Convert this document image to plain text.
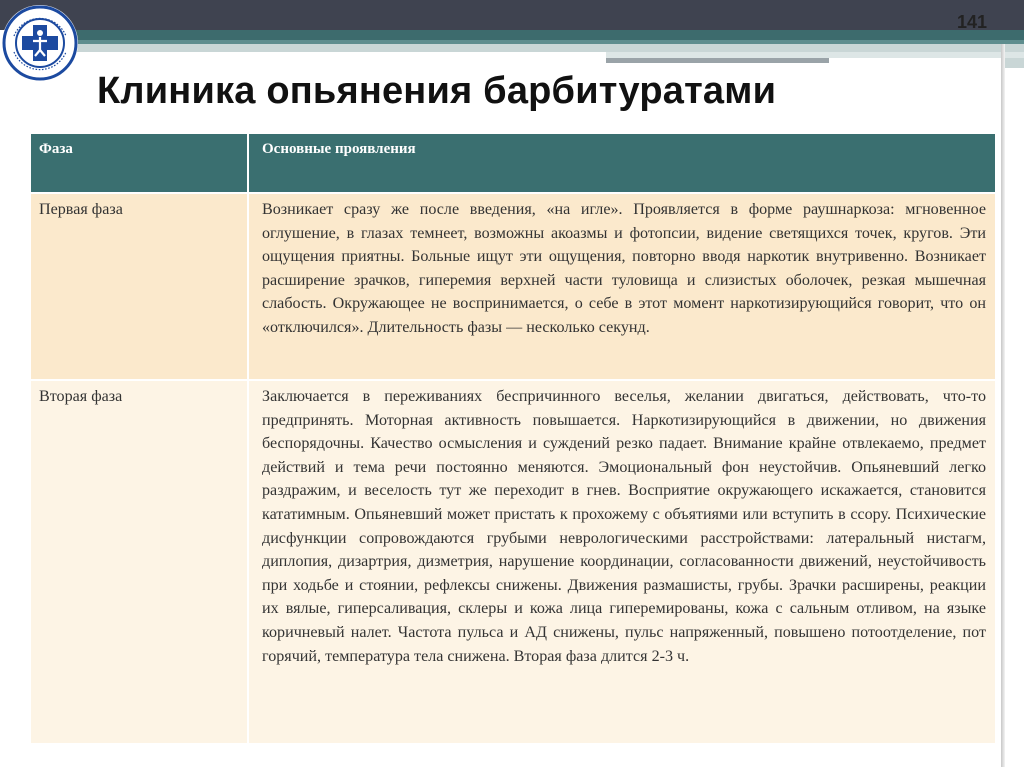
141
Клиника опьянения барбитуратами
Фаза	Основные проявления
Первая фаза	Возникает сразу же после введения, «на игле». Проявляется в форме раушнаркоза: мгновенное оглушение, в глазах темнеет, возможны акоазмы и фотопсии, видение светящихся точек, кругов. Эти ощущения приятны. Больные ищут эти ощущения, повторно вводя наркотик внутривенно. Возникает расширение зрачков, гиперемия верхней части туловища и слизистых оболочек, резкая мышечная слабость. Окружающее не воспринимается, о себе в этот момент наркотизирующийся говорит, что он «отключился». Длительность фазы — несколько секунд.
Вторая фаза	Заключается в переживаниях беспричинного веселья, желании двигаться, действовать, что-то предпринять. Моторная активность повышается. Наркотизирующийся в движении, но движения беспорядочны. Качество осмысления и суждений резко падает. Внимание крайне отвлекаемо, предмет действий и тема речи постоянно меняются. Эмоциональный фон неустойчив. Опьяневший легко раздражим, и веселость тут же переходит в гнев. Восприятие окружающего искажается, становится кататимным. Опьяневший может пристать к прохожему с объятиями или вступить в ссору. Психические дисфункции сопровождаются грубыми неврологическими расстройствами: латеральный нистагм, диплопия, дизартрия, дизметрия, нарушение координации, согласованности движений, неустойчивость при ходьбе и стоянии, рефлексы снижены. Движения размашисты, грубы. Зрачки расширены, реакции их вялые, гиперсаливация, склеры и кожа лица гиперемированы, кожа с сальным отливом, на языке коричневый налет. Частота пульса и АД снижены, пульс напряженный, повышено потоотделение, пот горячий, температура тела снижена. Вторая фаза длится 2-3 ч.
